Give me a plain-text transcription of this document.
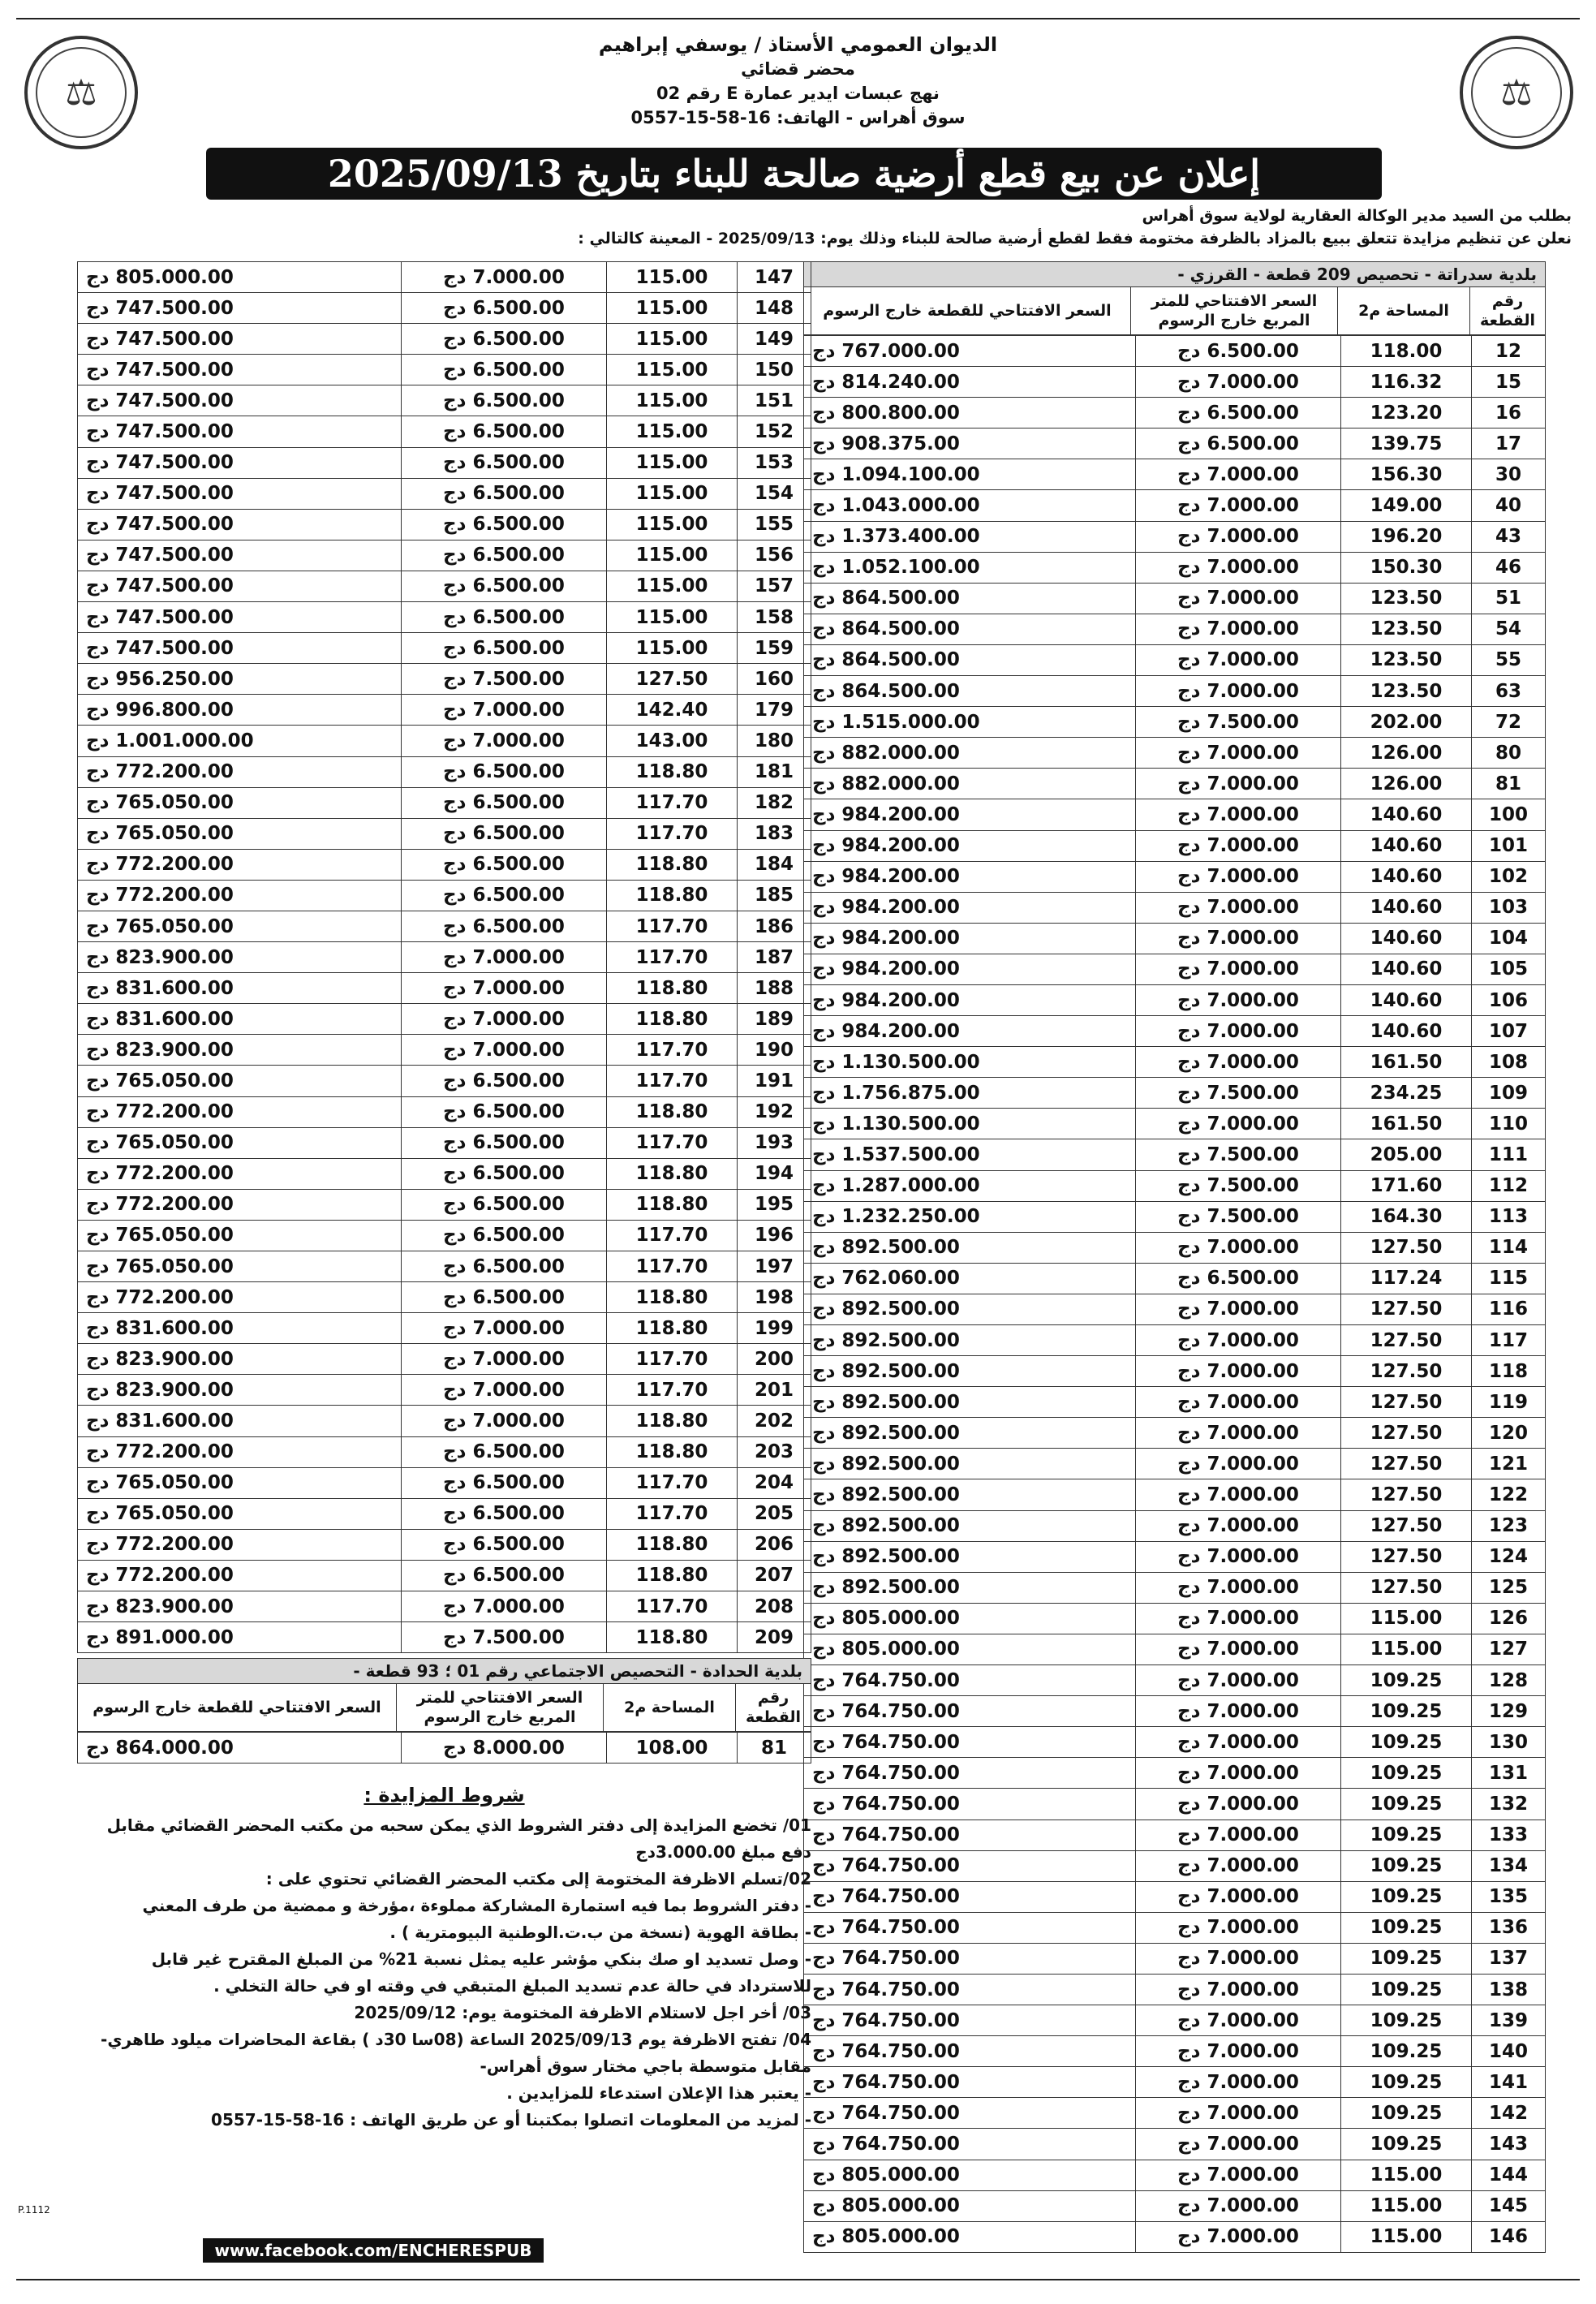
⚖
⚖
الديوان العمومي الأستاذ / يوسفي إبراهيم
محضر قضائي
نهج عبسات ايدير عمارة E رقم 02
سوق أهراس - الهاتف: 16-58-15-0557
إعلان عن بيع قطع أرضية صالحة للبناء بتاريخ 2025/09/13
بطلب من السيد مدير الوكالة العقارية لولاية سوق أهراس
نعلن عن تنظيم مزايدة تتعلق ببيع بالمزاد بالظرفة مختومة فقط لقطع أرضية صالحة للبناء وذلك يوم: 2025/09/13 - المعينة كالتالي :
بلدية سدراتة - تحصيص 209 قطعة - القرزي -
رقم القطعة	المساحة م2	السعر الافتتاحي للمتر المربع خارج الرسوم	السعر الافتتاحي للقطعة خارج الرسوم
12	118.00	6.500.00 دج	767.000.00 دج
15	116.32	7.000.00 دج	814.240.00 دج
16	123.20	6.500.00 دج	800.800.00 دج
17	139.75	6.500.00 دج	908.375.00 دج
30	156.30	7.000.00 دج	1.094.100.00 دج
40	149.00	7.000.00 دج	1.043.000.00 دج
43	196.20	7.000.00 دج	1.373.400.00 دج
46	150.30	7.000.00 دج	1.052.100.00 دج
51	123.50	7.000.00 دج	864.500.00 دج
54	123.50	7.000.00 دج	864.500.00 دج
55	123.50	7.000.00 دج	864.500.00 دج
63	123.50	7.000.00 دج	864.500.00 دج
72	202.00	7.500.00 دج	1.515.000.00 دج
80	126.00	7.000.00 دج	882.000.00 دج
81	126.00	7.000.00 دج	882.000.00 دج
100	140.60	7.000.00 دج	984.200.00 دج
101	140.60	7.000.00 دج	984.200.00 دج
102	140.60	7.000.00 دج	984.200.00 دج
103	140.60	7.000.00 دج	984.200.00 دج
104	140.60	7.000.00 دج	984.200.00 دج
105	140.60	7.000.00 دج	984.200.00 دج
106	140.60	7.000.00 دج	984.200.00 دج
107	140.60	7.000.00 دج	984.200.00 دج
108	161.50	7.000.00 دج	1.130.500.00 دج
109	234.25	7.500.00 دج	1.756.875.00 دج
110	161.50	7.000.00 دج	1.130.500.00 دج
111	205.00	7.500.00 دج	1.537.500.00 دج
112	171.60	7.500.00 دج	1.287.000.00 دج
113	164.30	7.500.00 دج	1.232.250.00 دج
114	127.50	7.000.00 دج	892.500.00 دج
115	117.24	6.500.00 دج	762.060.00 دج
116	127.50	7.000.00 دج	892.500.00 دج
117	127.50	7.000.00 دج	892.500.00 دج
118	127.50	7.000.00 دج	892.500.00 دج
119	127.50	7.000.00 دج	892.500.00 دج
120	127.50	7.000.00 دج	892.500.00 دج
121	127.50	7.000.00 دج	892.500.00 دج
122	127.50	7.000.00 دج	892.500.00 دج
123	127.50	7.000.00 دج	892.500.00 دج
124	127.50	7.000.00 دج	892.500.00 دج
125	127.50	7.000.00 دج	892.500.00 دج
126	115.00	7.000.00 دج	805.000.00 دج
127	115.00	7.000.00 دج	805.000.00 دج
128	109.25	7.000.00 دج	764.750.00 دج
129	109.25	7.000.00 دج	764.750.00 دج
130	109.25	7.000.00 دج	764.750.00 دج
131	109.25	7.000.00 دج	764.750.00 دج
132	109.25	7.000.00 دج	764.750.00 دج
133	109.25	7.000.00 دج	764.750.00 دج
134	109.25	7.000.00 دج	764.750.00 دج
135	109.25	7.000.00 دج	764.750.00 دج
136	109.25	7.000.00 دج	764.750.00 دج
137	109.25	7.000.00 دج	764.750.00 دج
138	109.25	7.000.00 دج	764.750.00 دج
139	109.25	7.000.00 دج	764.750.00 دج
140	109.25	7.000.00 دج	764.750.00 دج
141	109.25	7.000.00 دج	764.750.00 دج
142	109.25	7.000.00 دج	764.750.00 دج
143	109.25	7.000.00 دج	764.750.00 دج
144	115.00	7.000.00 دج	805.000.00 دج
145	115.00	7.000.00 دج	805.000.00 دج
146	115.00	7.000.00 دج	805.000.00 دج
147	115.00	7.000.00 دج	805.000.00 دج
148	115.00	6.500.00 دج	747.500.00 دج
149	115.00	6.500.00 دج	747.500.00 دج
150	115.00	6.500.00 دج	747.500.00 دج
151	115.00	6.500.00 دج	747.500.00 دج
152	115.00	6.500.00 دج	747.500.00 دج
153	115.00	6.500.00 دج	747.500.00 دج
154	115.00	6.500.00 دج	747.500.00 دج
155	115.00	6.500.00 دج	747.500.00 دج
156	115.00	6.500.00 دج	747.500.00 دج
157	115.00	6.500.00 دج	747.500.00 دج
158	115.00	6.500.00 دج	747.500.00 دج
159	115.00	6.500.00 دج	747.500.00 دج
160	127.50	7.500.00 دج	956.250.00 دج
179	142.40	7.000.00 دج	996.800.00 دج
180	143.00	7.000.00 دج	1.001.000.00 دج
181	118.80	6.500.00 دج	772.200.00 دج
182	117.70	6.500.00 دج	765.050.00 دج
183	117.70	6.500.00 دج	765.050.00 دج
184	118.80	6.500.00 دج	772.200.00 دج
185	118.80	6.500.00 دج	772.200.00 دج
186	117.70	6.500.00 دج	765.050.00 دج
187	117.70	7.000.00 دج	823.900.00 دج
188	118.80	7.000.00 دج	831.600.00 دج
189	118.80	7.000.00 دج	831.600.00 دج
190	117.70	7.000.00 دج	823.900.00 دج
191	117.70	6.500.00 دج	765.050.00 دج
192	118.80	6.500.00 دج	772.200.00 دج
193	117.70	6.500.00 دج	765.050.00 دج
194	118.80	6.500.00 دج	772.200.00 دج
195	118.80	6.500.00 دج	772.200.00 دج
196	117.70	6.500.00 دج	765.050.00 دج
197	117.70	6.500.00 دج	765.050.00 دج
198	118.80	6.500.00 دج	772.200.00 دج
199	118.80	7.000.00 دج	831.600.00 دج
200	117.70	7.000.00 دج	823.900.00 دج
201	117.70	7.000.00 دج	823.900.00 دج
202	118.80	7.000.00 دج	831.600.00 دج
203	118.80	6.500.00 دج	772.200.00 دج
204	117.70	6.500.00 دج	765.050.00 دج
205	117.70	6.500.00 دج	765.050.00 دج
206	118.80	6.500.00 دج	772.200.00 دج
207	118.80	6.500.00 دج	772.200.00 دج
208	117.70	7.000.00 دج	823.900.00 دج
209	118.80	7.500.00 دج	891.000.00 دج
بلدية الحدادة - التحصيص الاجتماعي رقم 01 ؛ 93 قطعة -
رقم القطعة	المساحة م2	السعر الافتتاحي للمتر المربع خارج الرسوم	السعر الافتتاحي للقطعة خارج الرسوم
81	108.00	8.000.00 دج	864.000.00 دج
شروط المزايدة :
01/ تخضع المزايدة إلى دفتر الشروط الذي يمكن سحبه من مكتب المحضر القضائي مقابل دفع مبلغ 3.000.00دج
02/تسلم الاظرفة المختومة إلى مكتب المحضر القضائي تحتوي على :
- دفتر الشروط بما فيه استمارة المشاركة مملوءة ،مؤرخة و ممضية من طرف المعني
- بطاقة الهوية (نسخة من ب.ت.الوطنية البيومترية ) .
- وصل تسديد او صك بنكي مؤشر عليه يمثل نسبة 21% من المبلغ المقترح غير قابل للاسترداد في حالة عدم تسديد المبلغ المتبقي في وقته او في حالة التخلي .
03/ أخر اجل لاستلام الاظرفة المختومة يوم: 2025/09/12
04/ تفتح الاظرفة يوم 2025/09/13 الساعة (08سا 30د ) بقاعة المحاضرات ميلود طاهري- مقابل متوسطة باجي مختار سوق أهراس-
- يعتبر هذا الإعلان استدعاء للمزايدين .
- لمزيد من المعلومات اتصلوا بمكتبنا أو عن طريق الهاتف : 16-58-15-0557
P.1112
www.facebook.com/ENCHERESPUB
